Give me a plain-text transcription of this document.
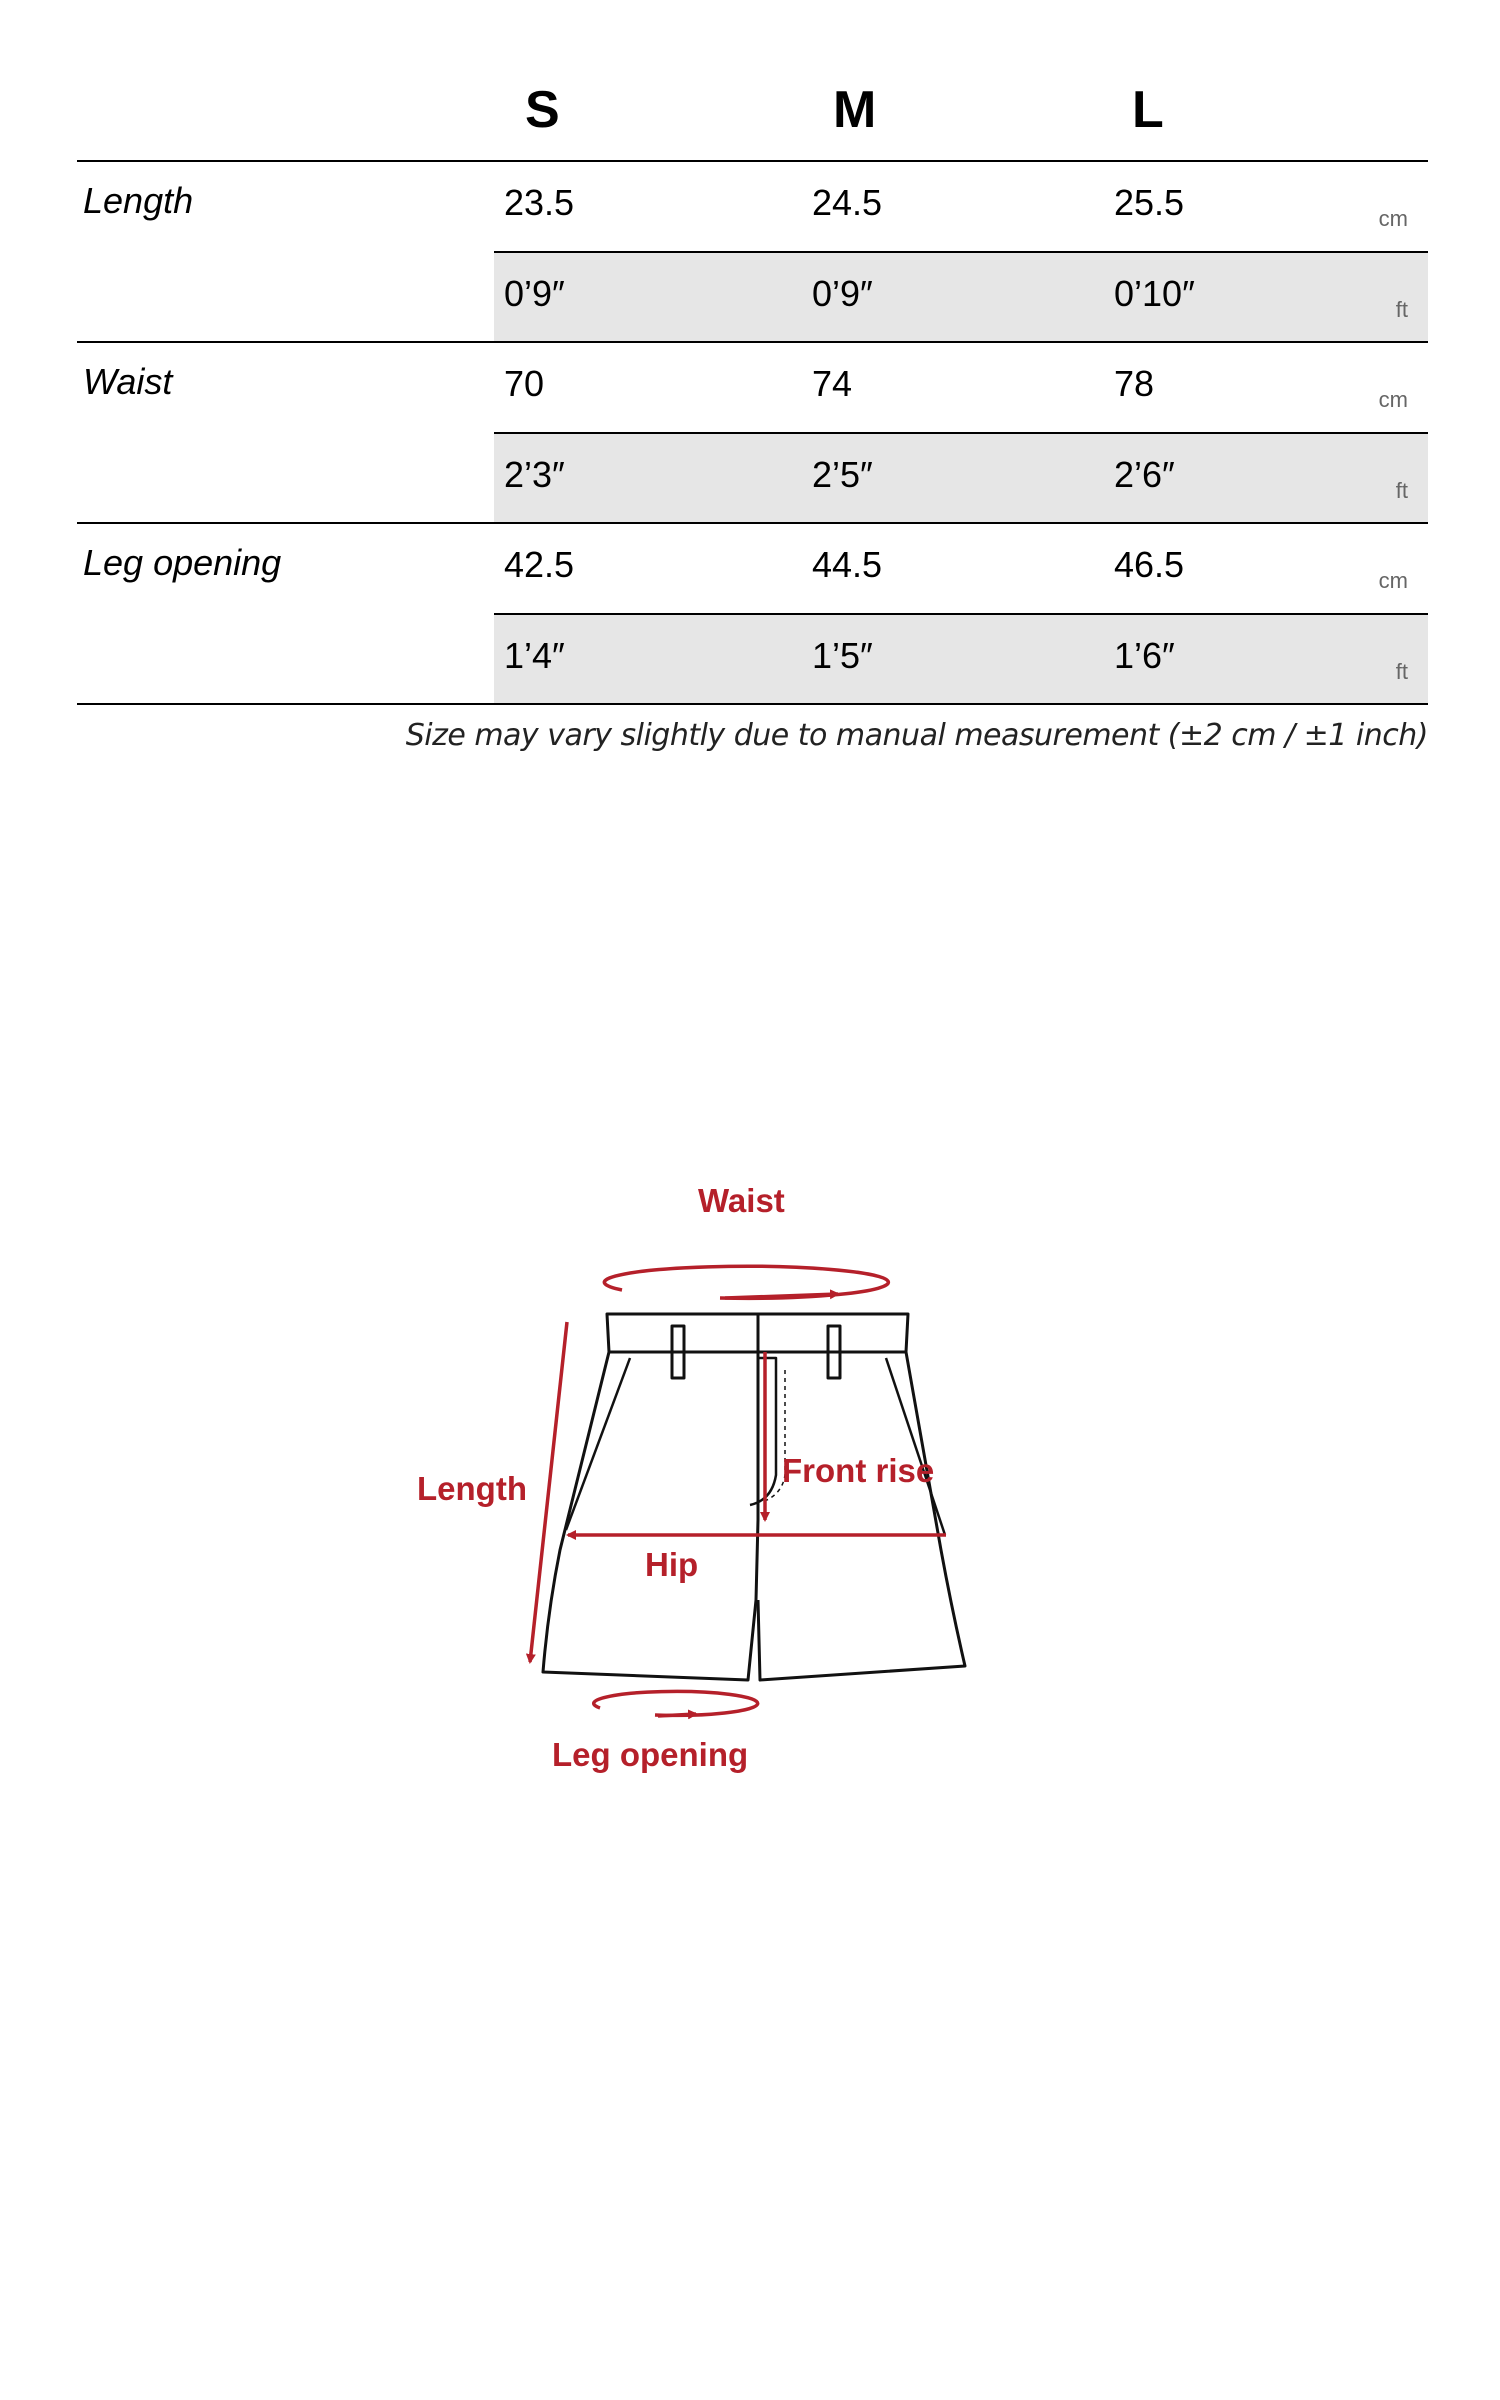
S	M	L
Length	23.5	24.5	25.5	cm
0’9″	0’9″	0’10″	ft
Waist	70	74	78	cm
2’3″	2’5″	2’6″	ft
Leg opening	42.5	44.5	46.5	cm
1’4″	1’5″	1’6″	ft
Size may vary slightly due to manual measurement (±2 cm / ±1 inch)
Waist
Length	Front rise
Hip
Leg opening
